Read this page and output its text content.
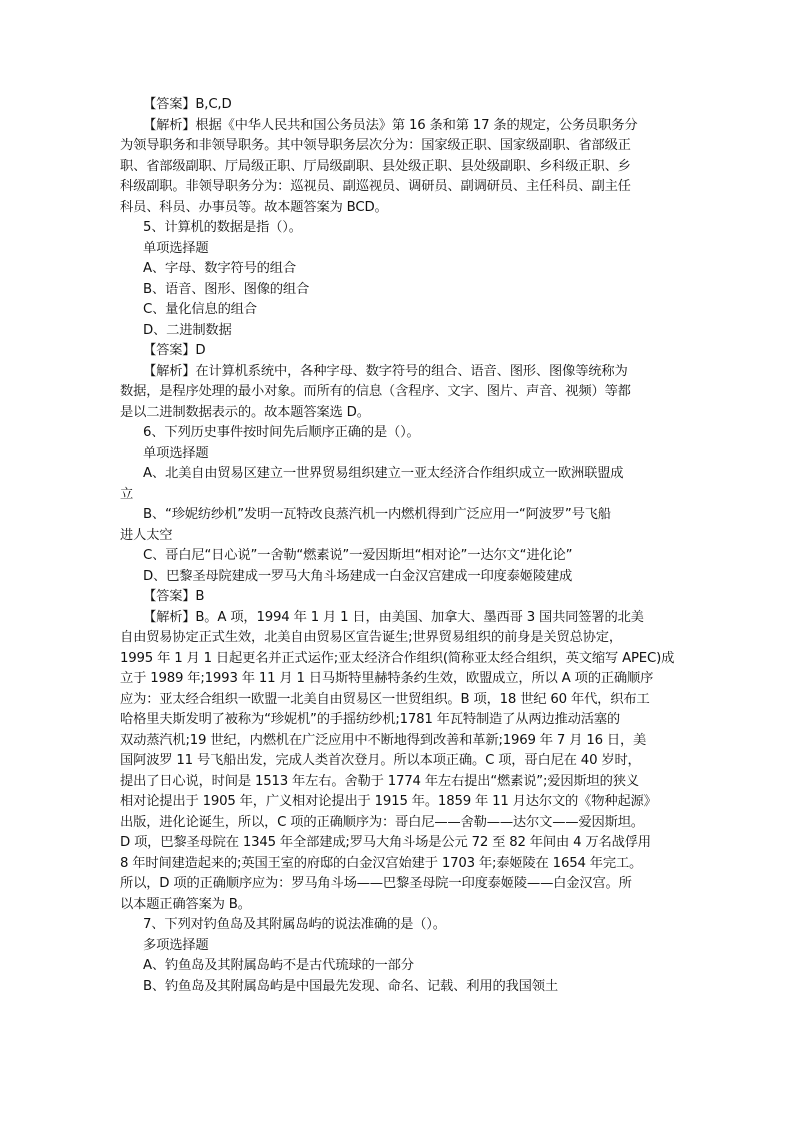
【答案】B,C,D
【解析】根据《中华人民共和国公务员法》第 16 条和第 17 条的规定，公务员职务分
为领导职务和非领导职务。其中领导职务层次分为：国家级正职、国家级副职、省部级正
职、省部级副职、厅局级正职、厅局级副职、县处级正职、县处级副职、乡科级正职、乡
科级副职。非领导职务分为：巡视员、副巡视员、调研员、副调研员、主任科员、副主任
科员、科员、办事员等。故本题答案为 BCD。
5、计算机的数据是指（）。
单项选择题
A、字母、数字符号的组合
B、语音、图形、图像的组合
C、量化信息的组合
D、二进制数据
【答案】D
【解析】在计算机系统中，各种字母、数字符号的组合、语音、图形、图像等统称为
数据，是程序处理的最小对象。而所有的信息（含程序、文字、图片、声音、视频）等都
是以二进制数据表示的。故本题答案选 D。
6、下列历史事件按时间先后顺序正确的是（）。
单项选择题
A、北美自由贸易区建立一世界贸易组织建立一亚太经济合作组织成立一欧洲联盟成
立
B、“珍妮纺纱机”发明一瓦特改良蒸汽机一内燃机得到广泛应用一“阿波罗”号飞船
进人太空
C、哥白尼“日心说”一舍勒“燃素说”一爱因斯坦“相对论”一达尔文“进化论”
D、巴黎圣母院建成一罗马大角斗场建成一白金汉宫建成一印度泰姬陵建成
【答案】B
【解析】B。A 项，1994 年 1 月 1 日，由美国、加拿大、墨西哥 3 国共同签署的北美
自由贸易协定正式生效，北美自由贸易区宣告诞生;世界贸易组织的前身是关贸总协定，
1995 年 1 月 1 日起更名并正式运作;亚太经济合作组织(简称亚太经合组织，英文缩写 APEC)成
立于 1989 年;1993 年 11 月 1 日马斯特里赫特条约生效，欧盟成立，所以 A 项的正确顺序
应为：亚太经合组织一欧盟一北美自由贸易区一世贸组织。B 项，18 世纪 60 年代，织布工
哈格里夫斯发明了被称为“珍妮机”的手摇纺纱机;1781 年瓦特制造了从两边推动活塞的
双动蒸汽机;19 世纪，内燃机在广泛应用中不断地得到改善和革新;1969 年 7 月 16 日，美
国阿波罗 11 号飞船出发，完成人类首次登月。所以本项正确。C 项，哥白尼在 40 岁时，
提出了日心说，时间是 1513 年左右。舍勒于 1774 年左右提出“燃素说”;爱因斯坦的狭义
相对论提出于 1905 年，广义相对论提出于 1915 年。1859 年 11 月达尔文的《物种起源》
出版，进化论诞生，所以，C 项的正确顺序为：哥白尼——舍勒——达尔文——爱因斯坦。
D 项，巴黎圣母院在 1345 年全部建成;罗马大角斗场是公元 72 至 82 年间由 4 万名战俘用
8 年时间建造起来的;英国王室的府邸的白金汉宫始建于 1703 年;泰姬陵在 1654 年完工。
所以，D 项的正确顺序应为：罗马角斗场——巴黎圣母院一印度泰姬陵——白金汉宫。所
以本题正确答案为 B。
7、下列对钓鱼岛及其附属岛屿的说法准确的是（）。
多项选择题
A、钓鱼岛及其附属岛屿不是古代琉球的一部分
B、钓鱼岛及其附属岛屿是中国最先发现、命名、记载、利用的我国领土
